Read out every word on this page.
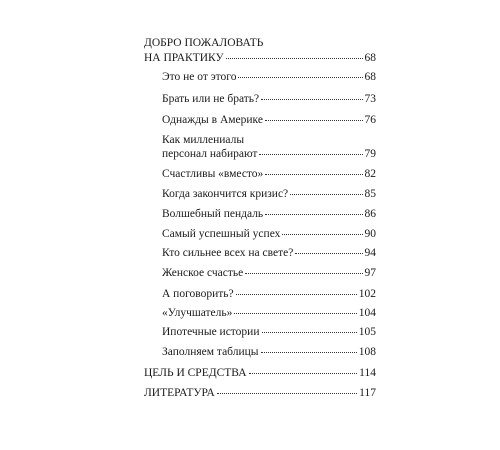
ДОБРО ПОЖАЛОВАТЬ
НА ПРАКТИКУ	68
Это не от этого	68
Брать или не брать?	73
Однажды в Америке	76
Как миллениалы
персонал набирают	79
Счастливы «вместо»	82
Когда закончится кризис?	85
Волшебный пендаль	86
Самый успешный успех	90
Кто сильнее всех на свете?	94
Женское счастье	97
А поговорить?	102
«Улучшатель»	104
Ипотечные истории	105
Заполняем таблицы	108
ЦЕЛЬ И СРЕДСТВА	114
ЛИТЕРАТУРА	117
